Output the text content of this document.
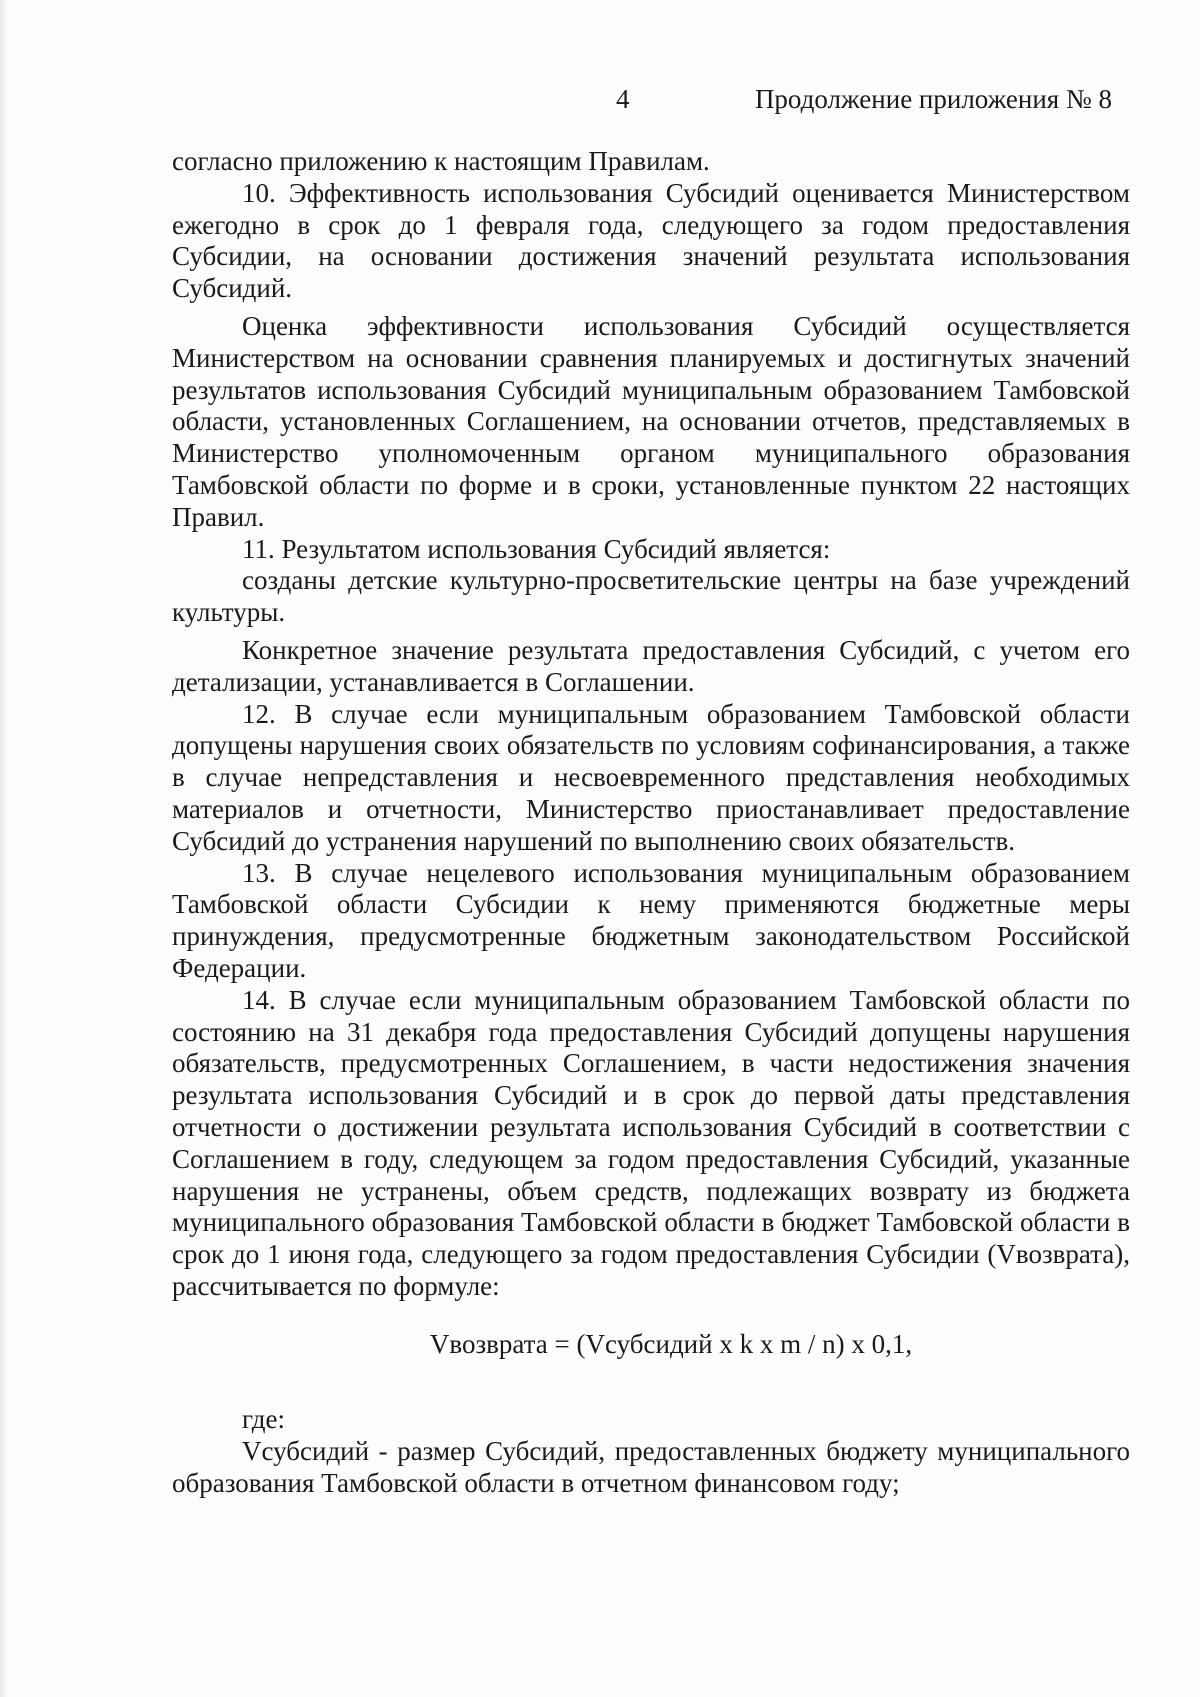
4	Продолжение приложения № 8

согласно приложению к настоящим Правилам.

10. Эффективность использования Субсидий оценивается Министерством ежегодно в срок до 1 февраля года, следующего за годом предоставления Субсидии, на основании достижения значений результата использования Субсидий.

Оценка эффективности использования Субсидий осуществляется Министерством на основании сравнения планируемых и достигнутых значений результатов использования Субсидий муниципальным образованием Тамбовской области, установленных Соглашением, на основании отчетов, представляемых в Министерство уполномоченным органом муниципального образования Тамбовской области по форме и в сроки, установленные пунктом 22 настоящих Правил.

11. Результатом использования Субсидий является:

созданы детские культурно-просветительские центры на базе учреждений культуры.

Конкретное значение результата предоставления Субсидий, с учетом его детализации, устанавливается в Соглашении.

12. В случае если муниципальным образованием Тамбовской области допущены нарушения своих обязательств по условиям софинансирования, а также в случае непредставления и несвоевременного представления необходимых материалов и отчетности, Министерство приостанавливает предоставление Субсидий до устранения нарушений по выполнению своих обязательств.

13. В случае нецелевого использования муниципальным образованием Тамбовской области Субсидии к нему применяются бюджетные меры принуждения, предусмотренные бюджетным законодательством Российской Федерации.

14. В случае если муниципальным образованием Тамбовской области по состоянию на 31 декабря года предоставления Субсидий допущены нарушения обязательств, предусмотренных Соглашением, в части недостижения значения результата использования Субсидий и в срок до первой даты представления отчетности о достижении результата использования Субсидий в соответствии с Соглашением в году, следующем за годом предоставления Субсидий, указанные нарушения не устранены, объем средств, подлежащих возврату из бюджета муниципального образования Тамбовской области в бюджет Тамбовской области в срок до 1 июня года, следующего за годом предоставления Субсидии (Vвозврата), рассчитывается по формуле:

Vвозврата = (Vсубсидий x k x m / n) x 0,1,

где:

Vсубсидий - размер Субсидий, предоставленных бюджету муниципального образования Тамбовской области в отчетном финансовом году;
